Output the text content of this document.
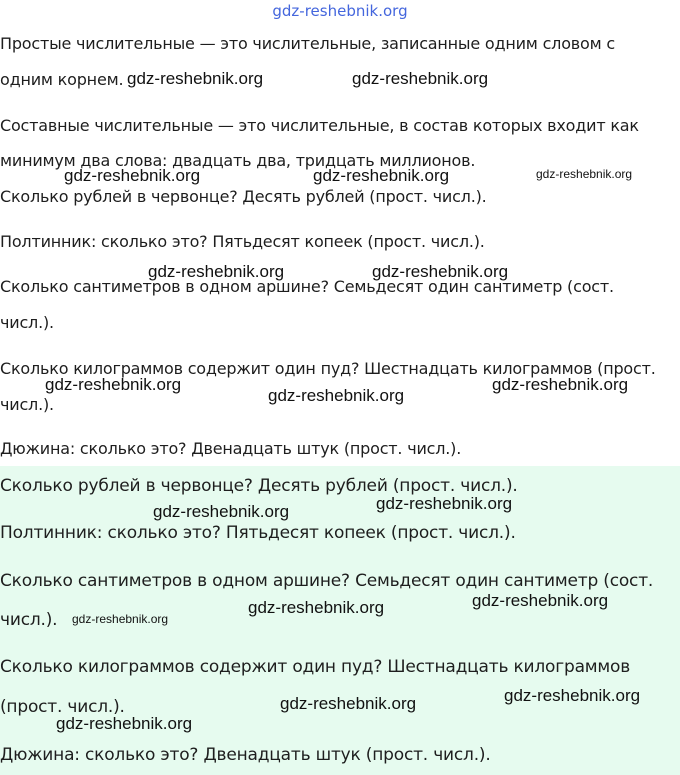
gdz-reshebnik.org
Простые числительные — это числительные, записанные одним словом с
одним корнем.
Составные числительные — это числительные, в состав которых входит как
минимум два слова: двадцать два, тридцать миллионов.
Сколько рублей в червонце? Десять рублей (прост. числ.).
Полтинник: сколько это? Пятьдесят копеек (прост. числ.).
Сколько сантиметров в одном аршине? Семьдесят один сантиметр (сост.
числ.).
Сколько килограммов содержит один пуд? Шестнадцать килограммов (прост.
числ.).
Дюжина: сколько это? Двенадцать штук (прост. числ.).
Сколько рублей в червонце? Десять рублей (прост. числ.).
Полтинник: сколько это? Пятьдесят копеек (прост. числ.).
Сколько сантиметров в одном аршине? Семьдесят один сантиметр (сост.
числ.).
Сколько килограммов содержит один пуд? Шестнадцать килограммов
(прост. числ.).
Дюжина: сколько это? Двенадцать штук (прост. числ.).
gdz-reshebnik.org	gdz-reshebnik.org
gdz-reshebnik.org	gdz-reshebnik.org	gdz-reshebnik.org
gdz-reshebnik.org	gdz-reshebnik.org
gdz-reshebnik.org	gdz-reshebnik.org
gdz-reshebnik.org
gdz-reshebnik.org
gdz-reshebnik.org
gdz-reshebnik.org
gdz-reshebnik.org
gdz-reshebnik.org
gdz-reshebnik.org
gdz-reshebnik.org
gdz-reshebnik.org
